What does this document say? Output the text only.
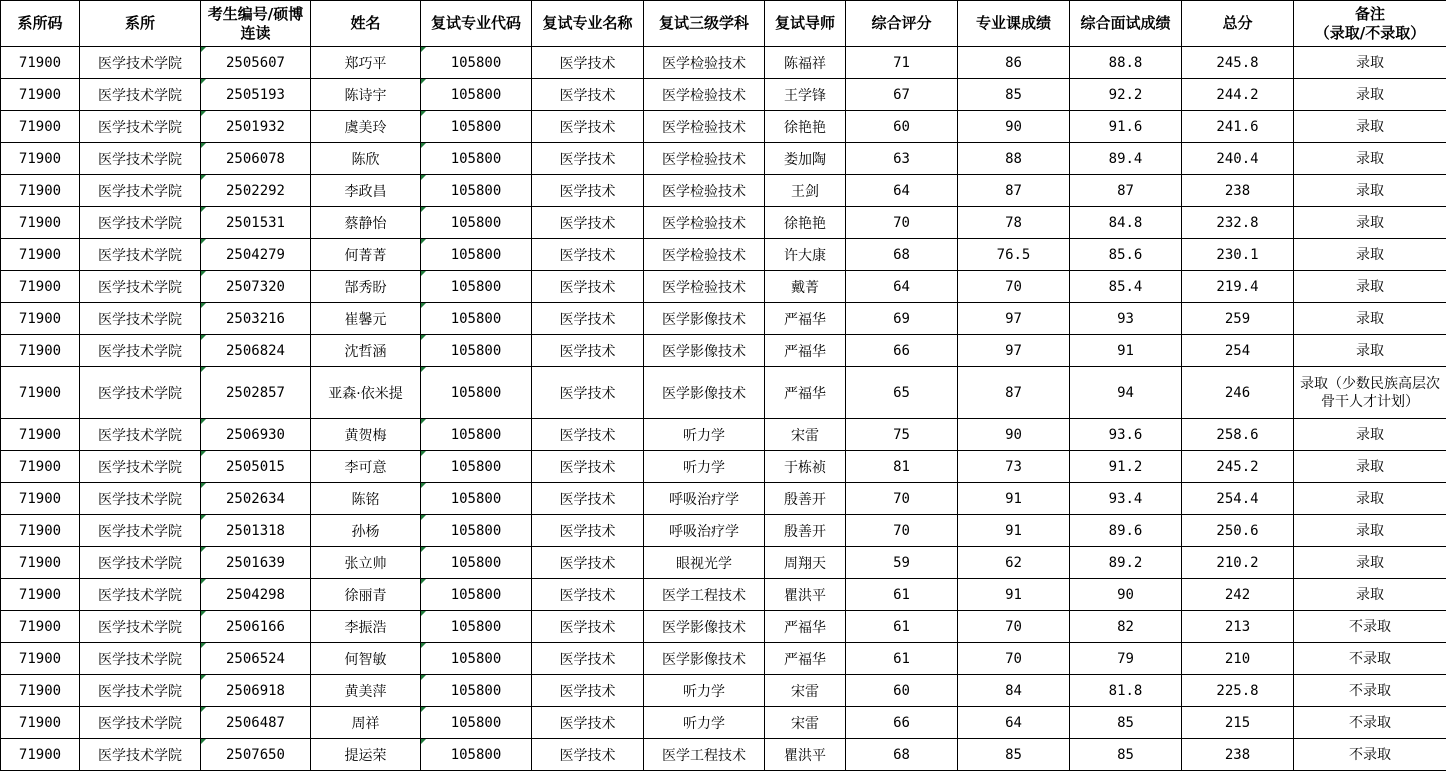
系所码	系所	考生编号/硕博连读	姓名	复试专业代码	复试专业名称	复试三级学科	复试导师	综合评分	专业课成绩	综合面试成绩	总分	备注
（录取/不录取）
71900	医学技术学院	2505607	郑巧平	105800	医学技术	医学检验技术	陈福祥	71	86	88.8	245.8	录取
71900	医学技术学院	2505193	陈诗宇	105800	医学技术	医学检验技术	王学锋	67	85	92.2	244.2	录取
71900	医学技术学院	2501932	虞美玲	105800	医学技术	医学检验技术	徐艳艳	60	90	91.6	241.6	录取
71900	医学技术学院	2506078	陈欣	105800	医学技术	医学检验技术	娄加陶	63	88	89.4	240.4	录取
71900	医学技术学院	2502292	李政昌	105800	医学技术	医学检验技术	王剑	64	87	87	238	录取
71900	医学技术学院	2501531	蔡静怡	105800	医学技术	医学检验技术	徐艳艳	70	78	84.8	232.8	录取
71900	医学技术学院	2504279	何菁菁	105800	医学技术	医学检验技术	许大康	68	76.5	85.6	230.1	录取
71900	医学技术学院	2507320	郜秀盼	105800	医学技术	医学检验技术	戴菁	64	70	85.4	219.4	录取
71900	医学技术学院	2503216	崔馨元	105800	医学技术	医学影像技术	严福华	69	97	93	259	录取
71900	医学技术学院	2506824	沈哲涵	105800	医学技术	医学影像技术	严福华	66	97	91	254	录取
71900	医学技术学院	2502857	亚森·依米提	105800	医学技术	医学影像技术	严福华	65	87	94	246	录取（少数民族高层次骨干人才计划）
71900	医学技术学院	2506930	黄贺梅	105800	医学技术	听力学	宋雷	75	90	93.6	258.6	录取
71900	医学技术学院	2505015	李可意	105800	医学技术	听力学	于栋祯	81	73	91.2	245.2	录取
71900	医学技术学院	2502634	陈铭	105800	医学技术	呼吸治疗学	殷善开	70	91	93.4	254.4	录取
71900	医学技术学院	2501318	孙杨	105800	医学技术	呼吸治疗学	殷善开	70	91	89.6	250.6	录取
71900	医学技术学院	2501639	张立帅	105800	医学技术	眼视光学	周翔天	59	62	89.2	210.2	录取
71900	医学技术学院	2504298	徐丽青	105800	医学技术	医学工程技术	瞿洪平	61	91	90	242	录取
71900	医学技术学院	2506166	李振浩	105800	医学技术	医学影像技术	严福华	61	70	82	213	不录取
71900	医学技术学院	2506524	何智敏	105800	医学技术	医学影像技术	严福华	61	70	79	210	不录取
71900	医学技术学院	2506918	黄美萍	105800	医学技术	听力学	宋雷	60	84	81.8	225.8	不录取
71900	医学技术学院	2506487	周祥	105800	医学技术	听力学	宋雷	66	64	85	215	不录取
71900	医学技术学院	2507650	提运荣	105800	医学技术	医学工程技术	瞿洪平	68	85	85	238	不录取
